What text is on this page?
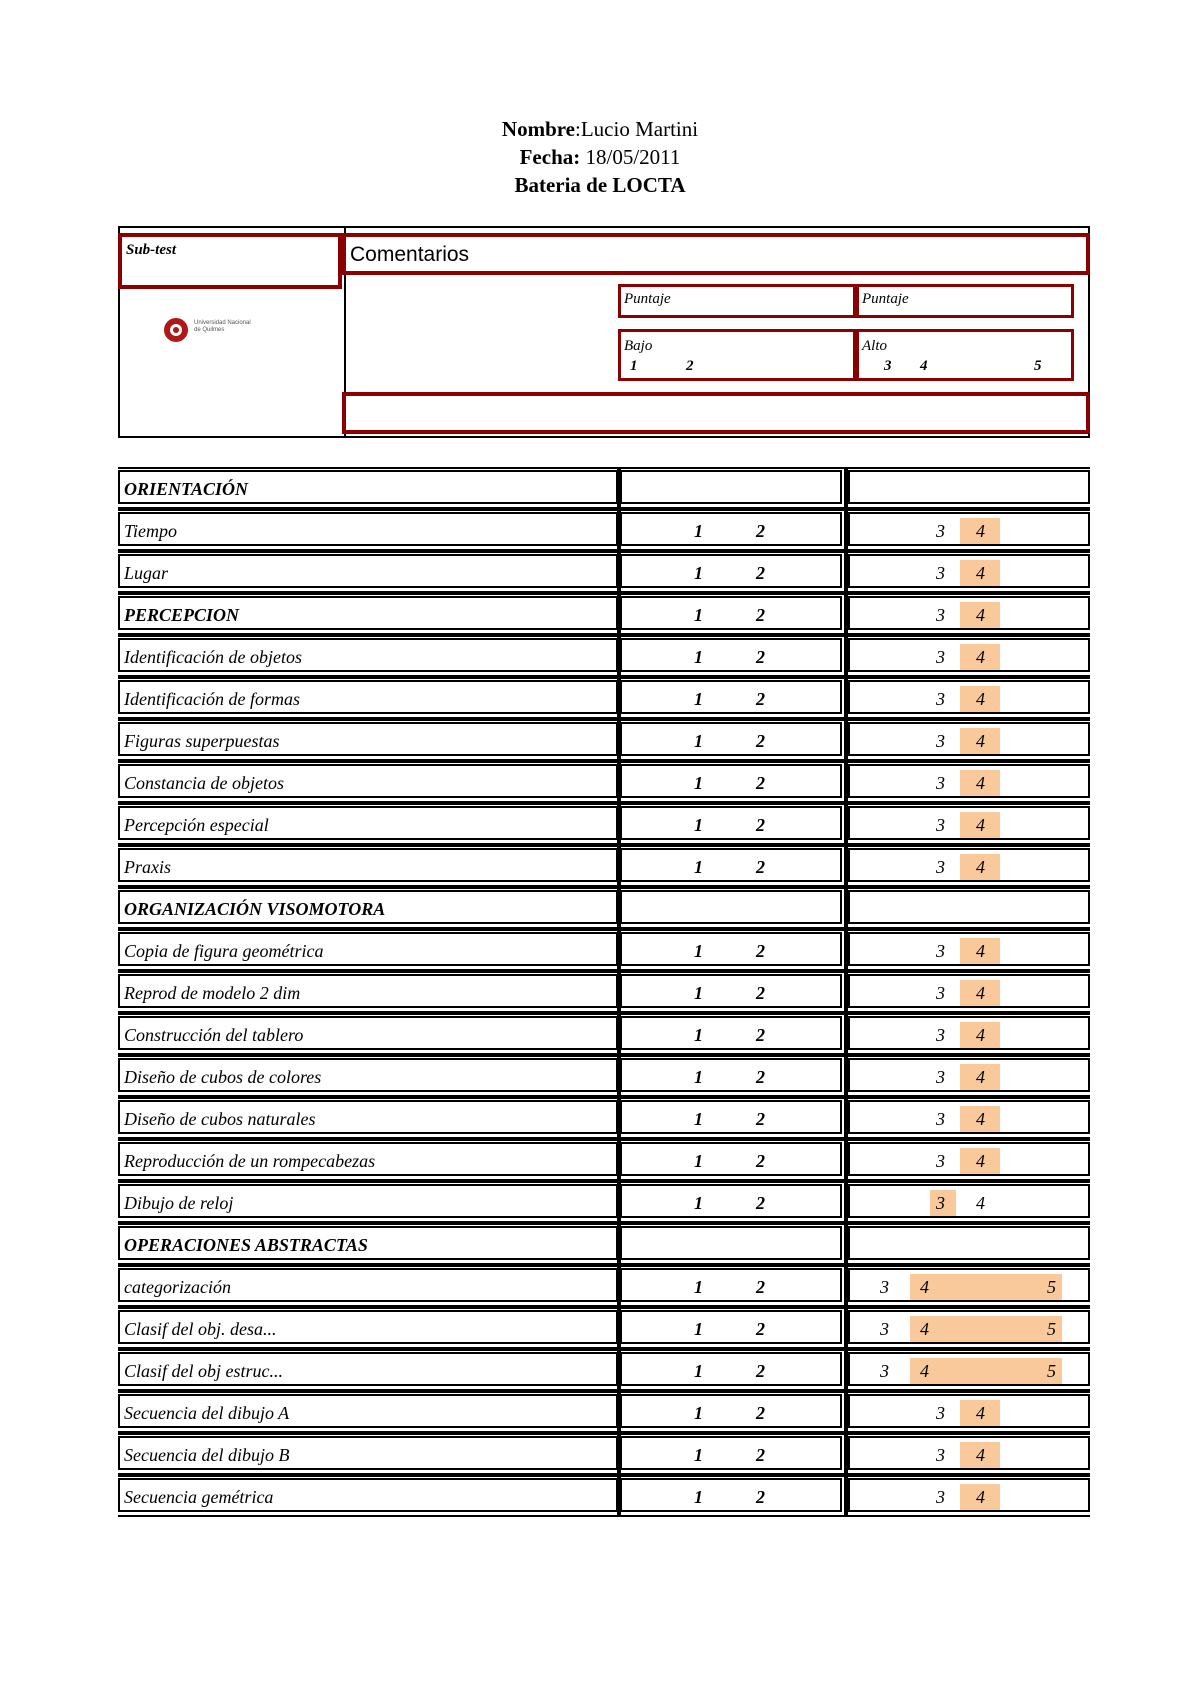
Nombre:Lucio Martini
Fecha: 18/05/2011
Bateria de LOCTA
Sub-test	Comentarios
Puntaje	Puntaje
Bajo
1	2
Alto
3 4	5
Universidad Nacional de Quilmes
ORIENTACIÓN
Tiempo	1	2	3 4
Lugar	1	2	3 4
PERCEPCION	1	2	3 4
Identificación de objetos	1	2	3 4
Identificación de formas	1	2	3 4
Figuras superpuestas	1	2	3 4
Constancia de objetos	1	2	3 4
Percepción especial	1	2	3 4
Praxis	1	2	3 4
ORGANIZACIÓN VISOMOTORA
Copia de figura geométrica	1	2	3 4
Reprod de modelo 2 dim	1	2	3 4
Construcción del tablero	1	2	3 4
Diseño de cubos de colores	1	2	3 4
Diseño de cubos naturales	1	2	3 4
Reproducción de un rompecabezas	1	2	3 4
Dibujo de reloj	1	2	3 4
OPERACIONES ABSTRACTAS
categorización	1	2	3 4	5
Clasif del obj. desa...	1	2	3 4	5
Clasif del obj estruc...	1	2	3 4	5
Secuencia del dibujo A	1	2	3 4
Secuencia del dibujo B	1	2	3 4
Secuencia gemétrica	1	2	3 4
